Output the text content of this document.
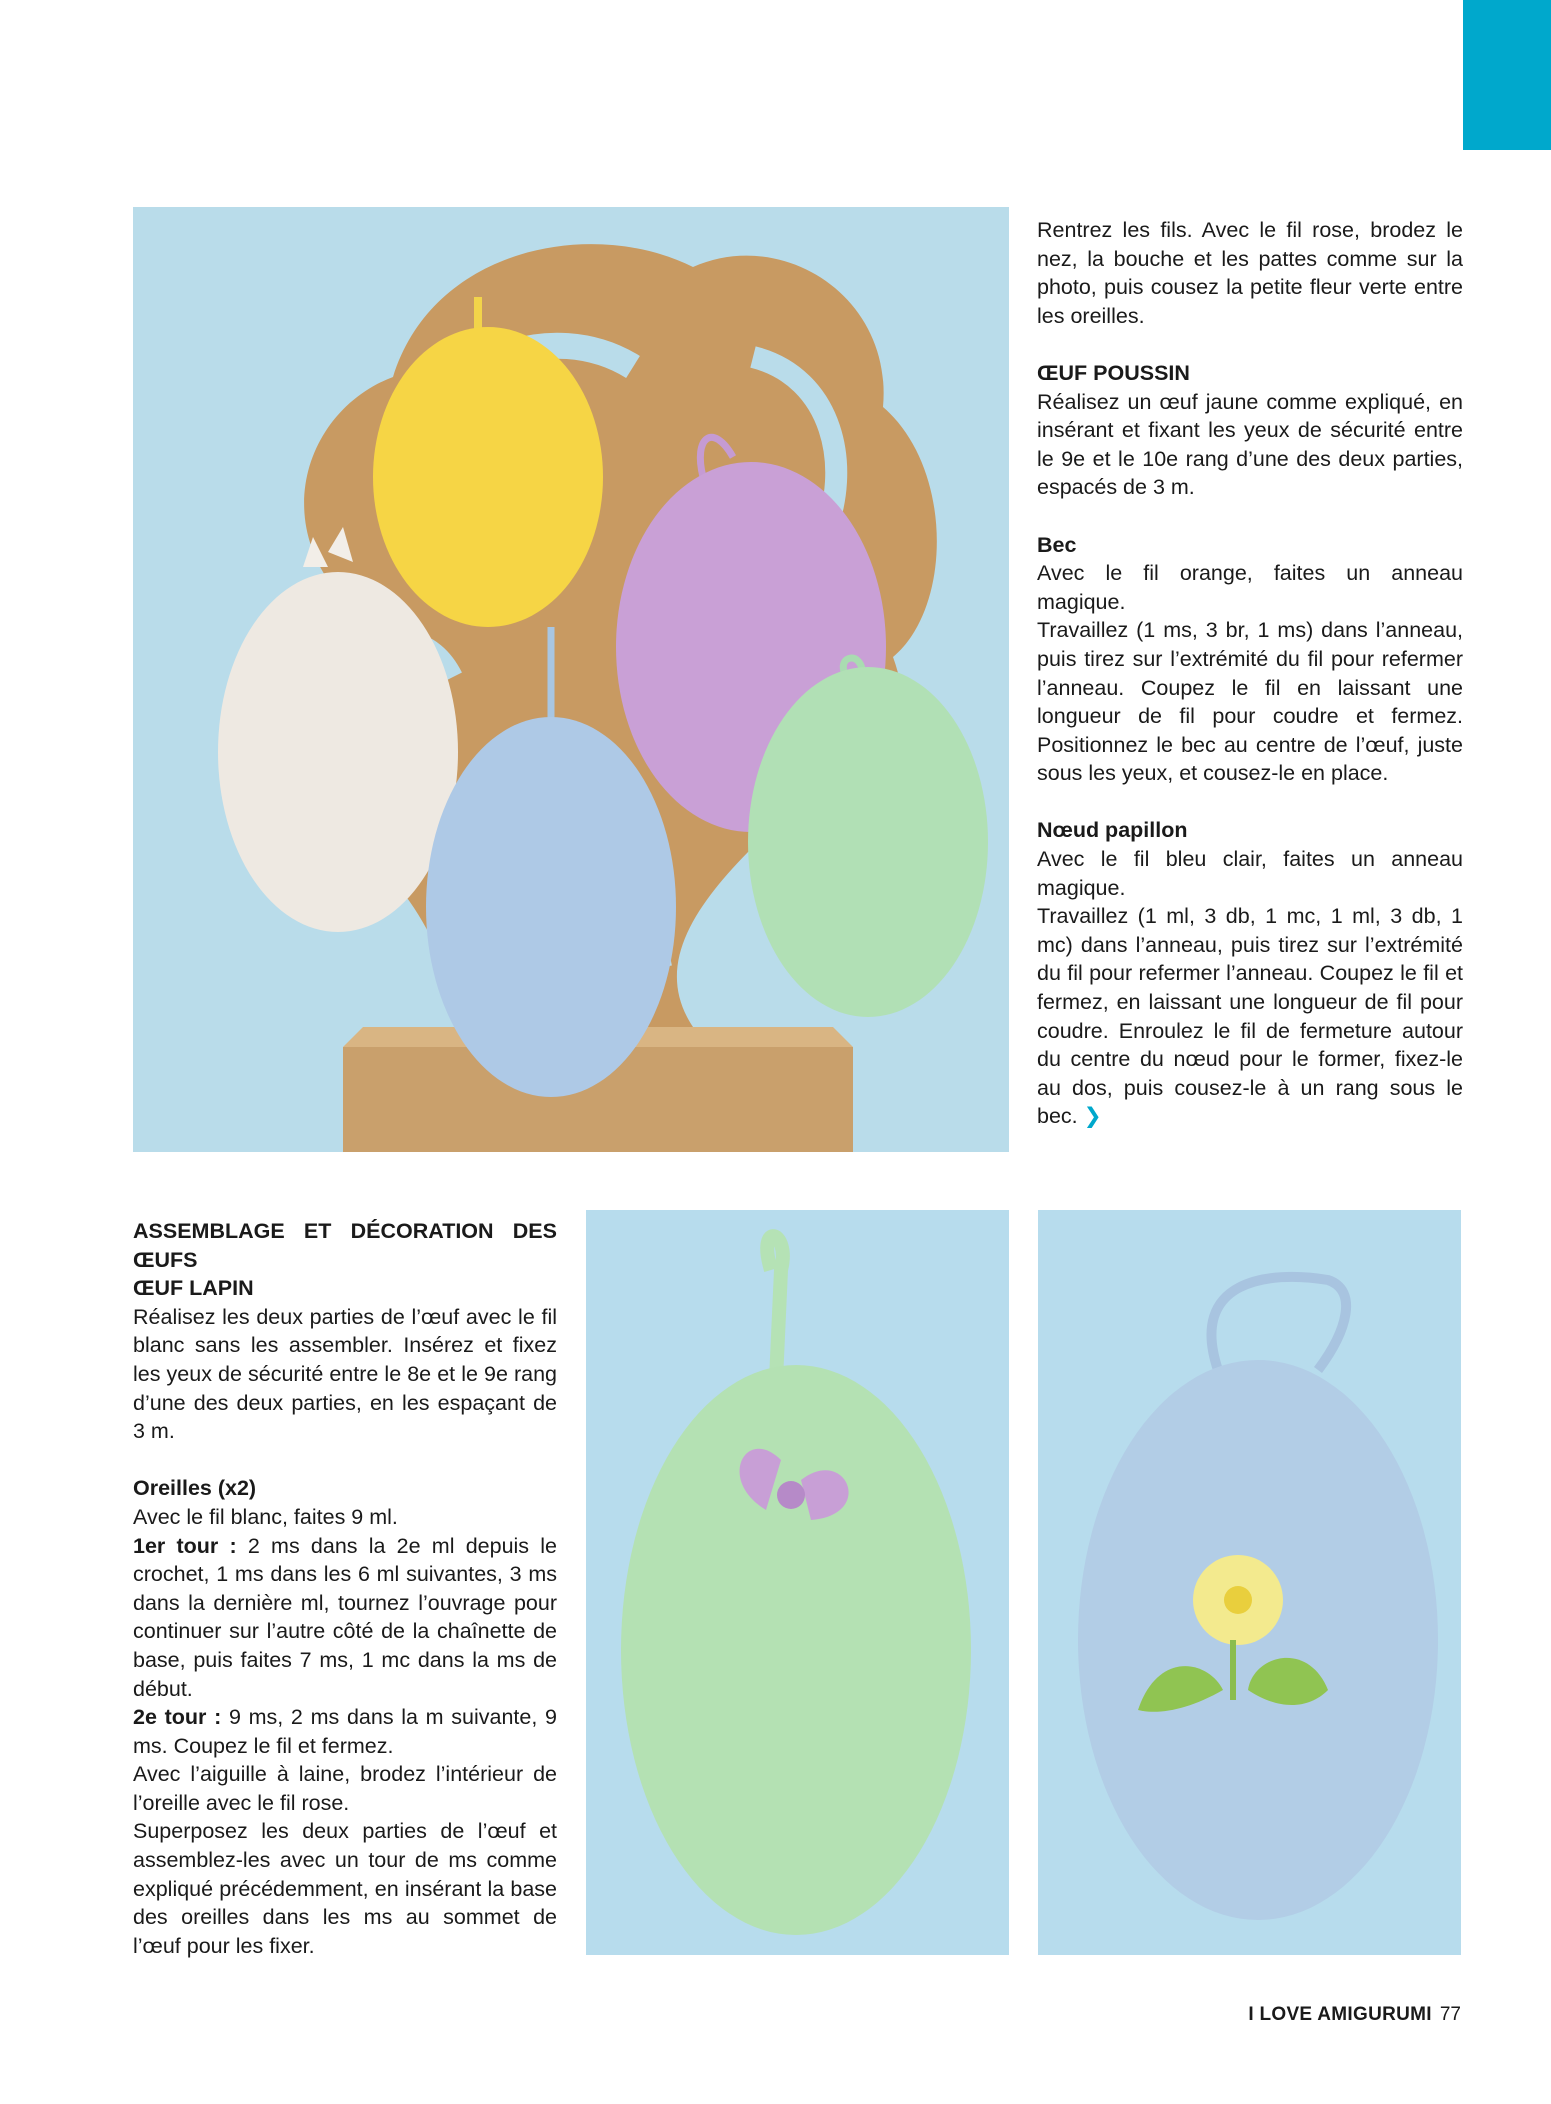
Rentrez les fils. Avec le fil rose, brodez le nez, la bouche et les pattes comme sur la photo, puis cousez la petite fleur verte entre les oreilles.

ŒUF POUSSIN

Réalisez un œuf jaune comme expliqué, en insérant et fixant les yeux de sécurité entre le 9e et le 10e rang d’une des deux parties, espacés de 3 m.

Bec

Avec le fil orange, faites un anneau magique.

Travaillez (1 ms, 3 br, 1 ms) dans l’anneau, puis tirez sur l’extrémité du fil pour refermer l’anneau. Coupez le fil en laissant une longueur de fil pour coudre et fermez. Positionnez le bec au centre de l’œuf, juste sous les yeux, et cousez-le en place.

Nœud papillon

Avec le fil bleu clair, faites un anneau magique.

Travaillez (1 ml, 3 db, 1 mc, 1 ml, 3 db, 1 mc) dans l’anneau, puis tirez sur l’extrémité du fil pour refermer l’anneau. Coupez le fil et fermez, en laissant une longueur de fil pour coudre. Enroulez le fil de fermeture autour du centre du nœud pour le former, fixez-le au dos, puis cousez-le à un rang sous le bec. ❯

ASSEMBLAGE ET DÉCORATION DES ŒUFS
ŒUF LAPIN

Réalisez les deux parties de l’œuf avec le fil blanc sans les assembler. Insérez et fixez les yeux de sécurité entre le 8e et le 9e rang d’une des deux parties, en les espaçant de 3 m.

Oreilles (x2)

Avec le fil blanc, faites 9 ml.

1er tour : 2 ms dans la 2e ml depuis le crochet, 1 ms dans les 6 ml suivantes, 3 ms dans la dernière ml, tournez l’ouvrage pour continuer sur l’autre côté de la chaînette de base, puis faites 7 ms, 1 mc dans la ms de début.

2e tour : 9 ms, 2 ms dans la m suivante, 9 ms. Coupez le fil et fermez.

Avec l’aiguille à laine, brodez l’intérieur de l’oreille avec le fil rose.

Superposez les deux parties de l’œuf et assemblez-les avec un tour de ms comme expliqué précédemment, en insérant la base des oreilles dans les ms au sommet de l’œuf pour les fixer.

I LOVE AMIGURUMI 77
